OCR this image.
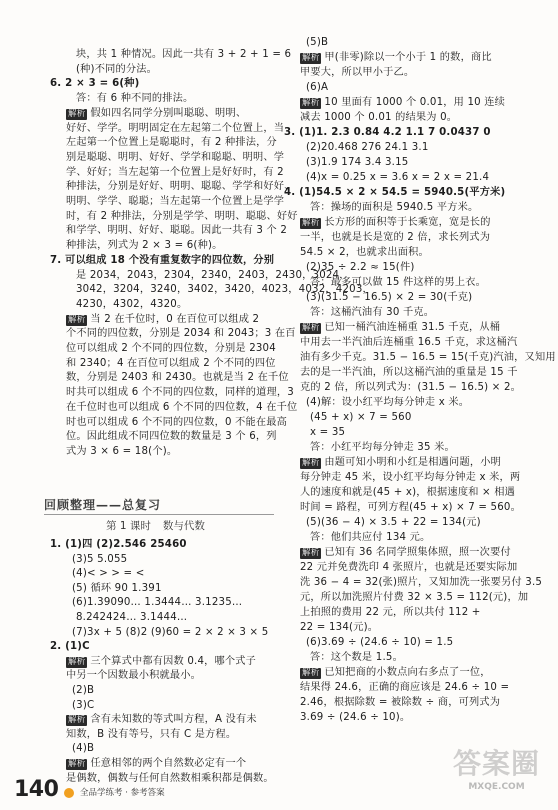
块，共 1 种情况。因此一共有 3 + 2 + 1 = 6
(种)不同的分法。
6. 2 × 3 = 6(种)
答：有 6 种不同的排法。
解析 假如四名同学分别叫聪聪、明明、
好好、学学。明明固定在左起第二个位置上，当
左起第一个位置上是聪聪时，有 2 种排法，分
别是聪聪、明明、好好、学学和聪聪、明明、学
学、好好；当左起第一个位置上是好好时，有 2
种排法，分别是好好、明明、聪聪、学学和好好、
明明、学学、聪聪；当左起第一个位置上是学学
时，有 2 种排法，分别是学学、明明、聪聪、好好
和学学、明明、好好、聪聪。因此一共有 3 个 2
种排法，列式为 2 × 3 = 6(种)。
7. 可以组成 18 个没有重复数字的四位数，分别
是 2034，2043，2304，2340，2403，2430，3024，
3042，3204，3240，3402，3420，4023，4032，4203，
4230，4302，4320。
解析 当 2 在千位时，0 在百位可以组成 2
个不同的四位数，分别是 2034 和 2043；3 在百
位可以组成 2 个不同的四位数，分别是 2304
和 2340；4 在百位可以组成 2 个不同的四位
数，分别是 2403 和 2430。也就是当 2 在千位
时共可以组成 6 个不同的四位数，同样的道理，3
在千位时也可以组成 6 个不同的四位数，4 在千位
时也可以组成 6 个不同的四位数，0 不能在最高
位。因此组成不同四位数的数量是 3 个 6，列
式为 3 × 6 = 18(个)。
回顾整理——总复习
第 1 课时 数与代数
1. (1)四 (2)2.546 25460
(3)5 5.055
(4)< > > = <
(5) 循环 90 1.391
(6)1.39090… 1.3444… 3.1235…
8.242424… 3.1444…
(7)3x + 5 (8)2 (9)60 = 2 × 2 × 3 × 5
2. (1)C
解析 三个算式中都有因数 0.4，哪个式子
中另一个因数最小积就最小。
(2)B
(3)C
解析 含有未知数的等式叫方程，A 没有未
知数，B 没有等号，只有 C 是方程。
(4)B
解析 任意相邻的两个自然数必定有一个
是偶数，偶数与任何自然数相乘积都是偶数。
(5)B
解析 甲(非零)除以一个小于 1 的数，商比
甲要大，所以甲小于乙。
(6)A
解析 10 里面有 1000 个 0.01，用 10 连续
减去 1000 个 0.01 的结果为 0。
3. (1)1. 2.3 0.84 4.2 1.1 7 0.0437 0
(2)20.468 276 24.1 3.1
(3)1.9 174 3.4 3.15
(4)x = 0.25 x = 3.6 x = 2 x = 21.4
4. (1)54.5 × 2 × 54.5 = 5940.5(平方米)
答：操场的面积是 5940.5 平方米。
解析 长方形的面积等于长乘宽，宽是长的
一半，也就是长是宽的 2 倍，求长列式为
54.5 × 2，也就求出面积。
(2)35 ÷ 2.2 ≈ 15(件)
答：最多可以做 15 件这样的男上衣。
(3)(31.5 − 16.5) × 2 = 30(千克)
答：这桶汽油有 30 千克。
解析 已知一桶汽油连桶重 31.5 千克，从桶
中用去一半汽油后连桶重 16.5 千克，求这桶汽
油有多少千克。31.5 − 16.5 = 15(千克)汽油，又知用
去的是一半汽油，所以这桶汽油的重量是 15 千
克的 2 倍，所以列式为：(31.5 − 16.5) × 2。
(4)解：设小红平均每分钟走 x 米。
(45 + x) × 7 = 560
x = 35
答：小红平均每分钟走 35 米。
解析 由题可知小明和小红是相遇问题，小明
每分钟走 45 米，设小红平均每分钟走 x 米，两
人的速度和就是(45 + x)，根据速度和 × 相遇
时间 = 路程，可列方程(45 + x) × 7 = 560。
(5)(36 − 4) × 3.5 + 22 = 134(元)
答：他们共应付 134 元。
解析 已知有 36 名同学照集体照，照一次要付
22 元并免费洗印 4 张照片，也就是还要实际加
洗 36 − 4 = 32(张)照片，又知加洗一张要另付 3.5
元，所以加洗照片付费 32 × 3.5 = 112(元)，加
上拍照的费用 22 元，所以共付 112 +
22 = 134(元)。
(6)3.69 ÷ (24.6 ÷ 10) = 1.5
答：这个数是 1.5。
解析 已知把商的小数点向右多点了一位，
结果得 24.6，正确的商应该是 24.6 ÷ 10 =
2.46，根据除数 = 被除数 ÷ 商，可列式为
3.69 ÷ (24.6 ÷ 10)。
140	全品学练考 · 参考答案
答案圈
MXQE.COM
